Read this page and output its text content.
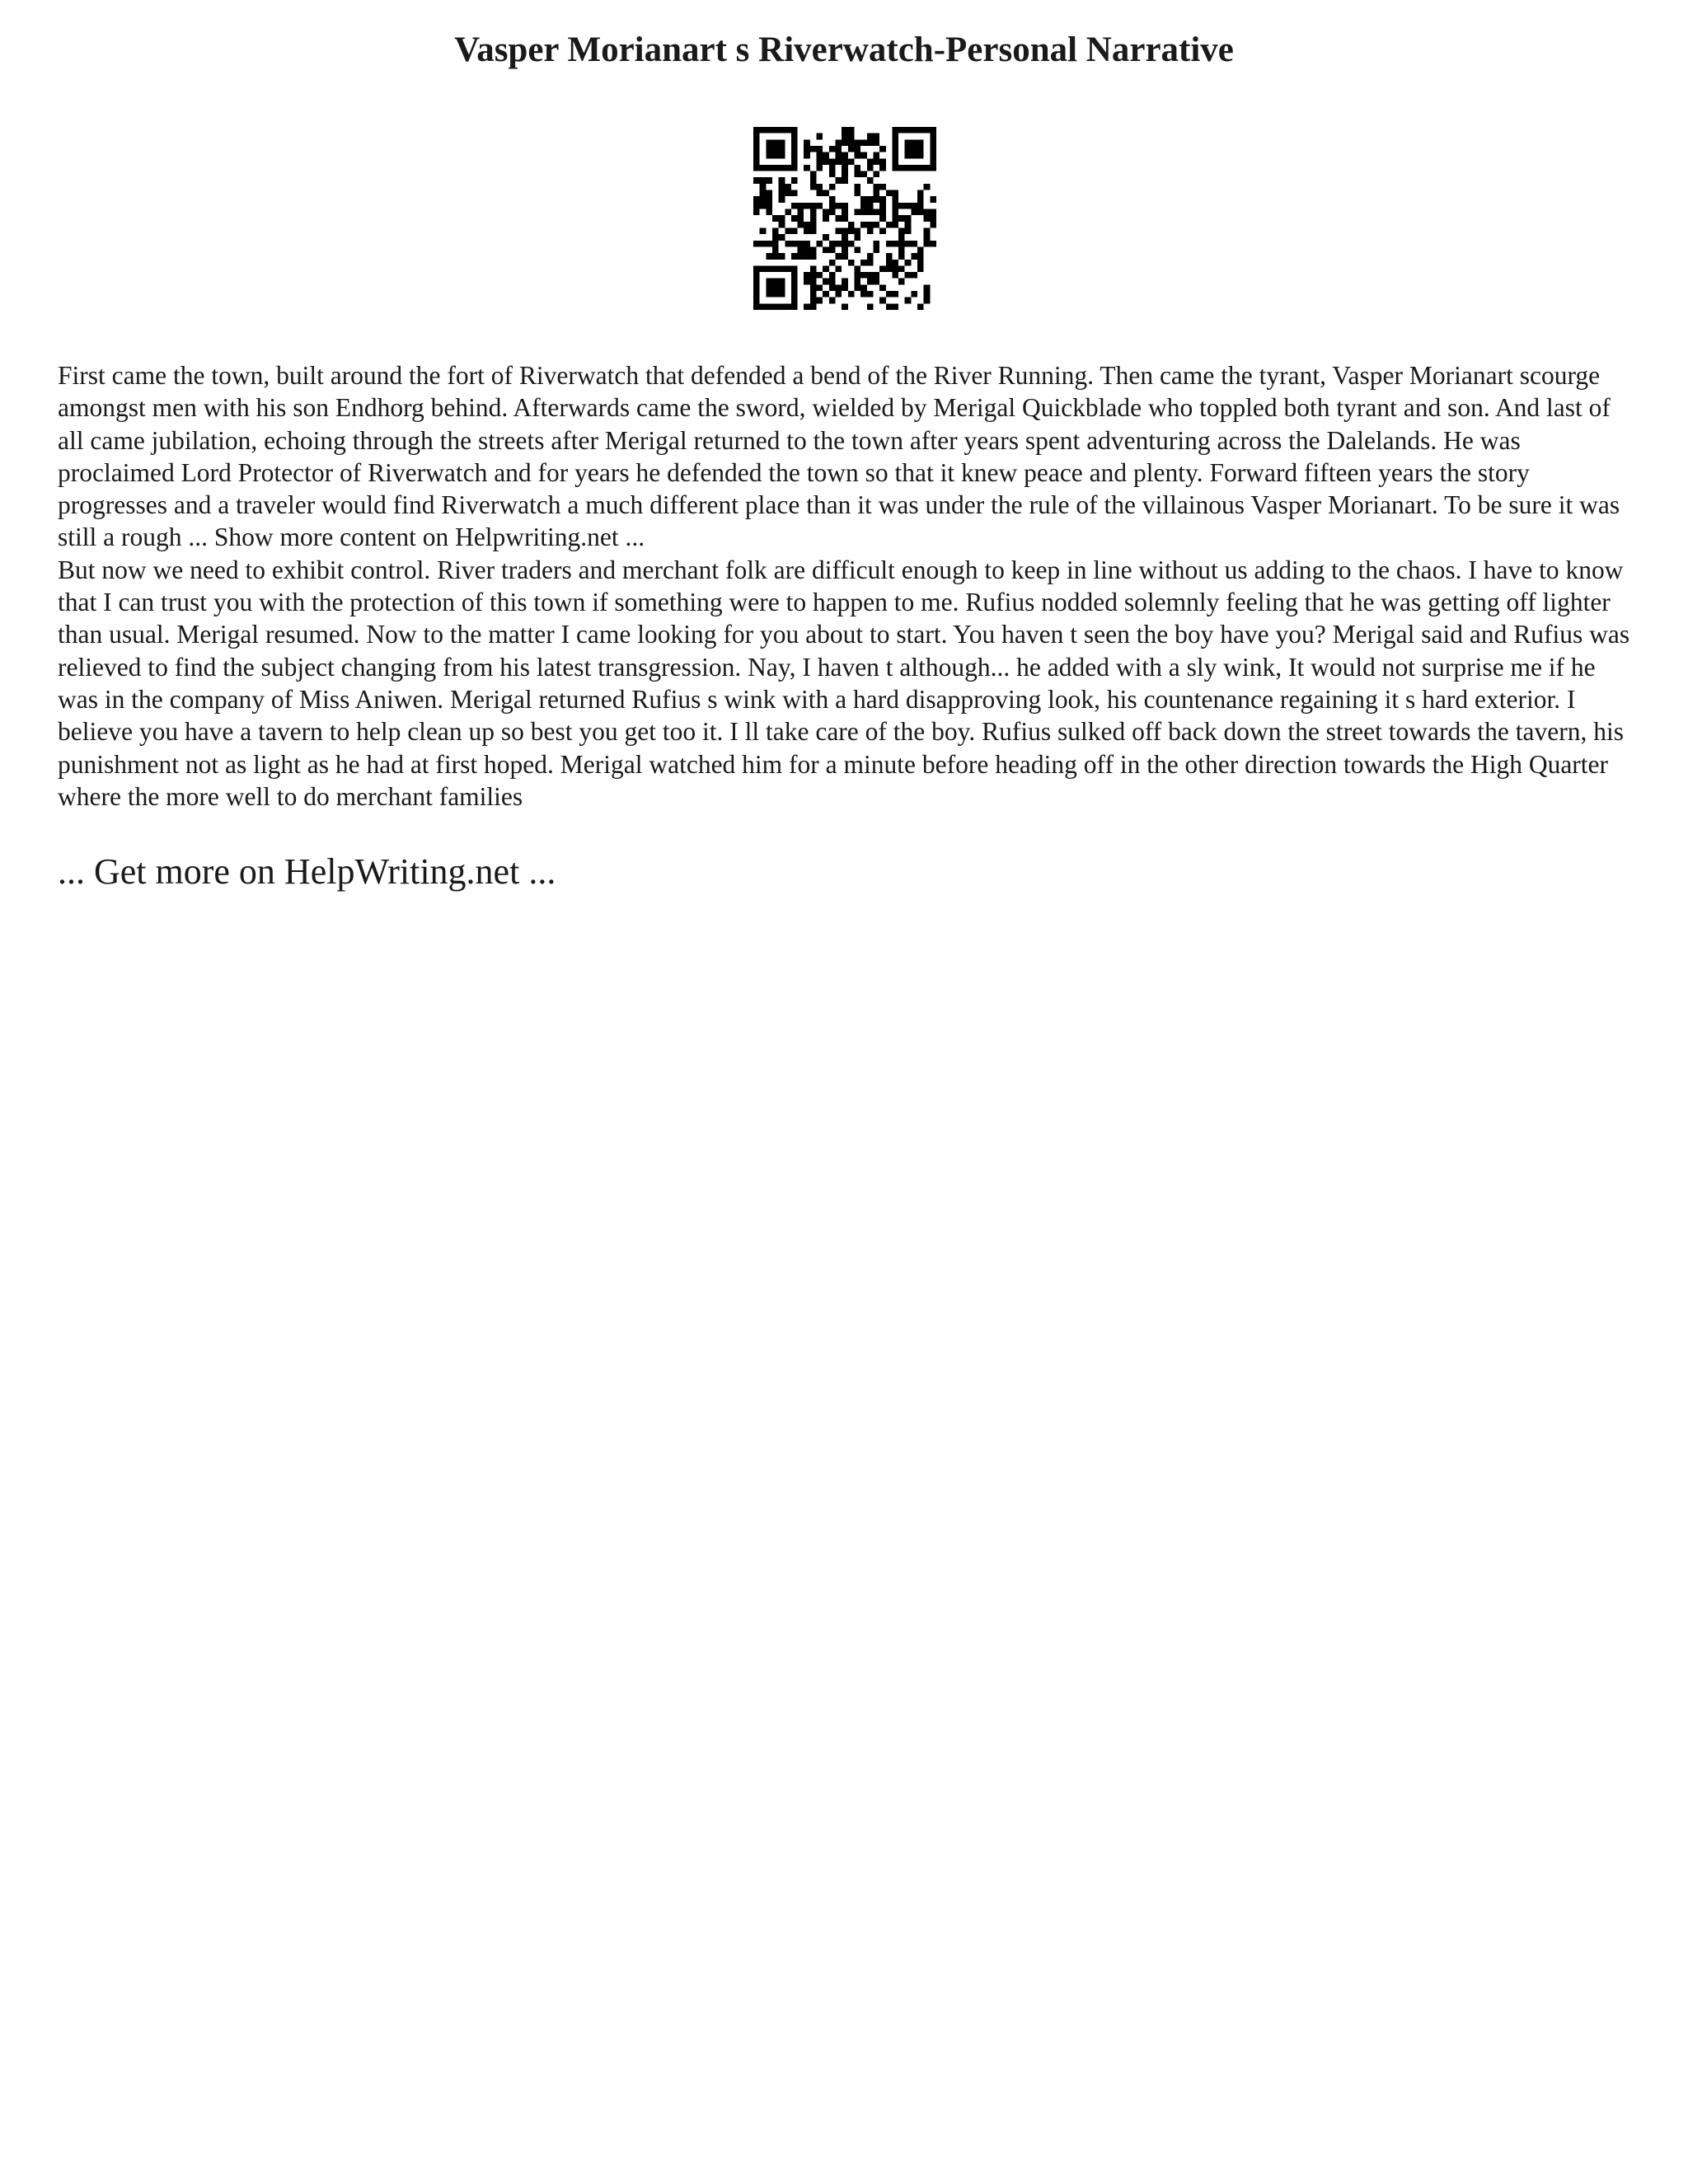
Vasper Morianart s Riverwatch-Personal Narrative

First came the town, built around the fort of Riverwatch that defended a bend of the River Running. Then came the tyrant, Vasper Morianart scourge amongst men with his son Endhorg behind. Afterwards came the sword, wielded by Merigal Quickblade who toppled both tyrant and son. And last of all came jubilation, echoing through the streets after Merigal returned to the town after years spent adventuring across the Dalelands. He was proclaimed Lord Protector of Riverwatch and for years he defended the town so that it knew peace and plenty. Forward fifteen years the story progresses and a traveler would find Riverwatch a much different place than it was under the rule of the villainous Vasper Morianart. To be sure it was still a rough ... Show more content on Helpwriting.net ...

But now we need to exhibit control. River traders and merchant folk are difficult enough to keep in line without us adding to the chaos. I have to know that I can trust you with the protection of this town if something were to happen to me. Rufius nodded solemnly feeling that he was getting off lighter than usual. Merigal resumed. Now to the matter I came looking for you about to start. You haven t seen the boy have you? Merigal said and Rufius was relieved to find the subject changing from his latest transgression. Nay, I haven t although... he added with a sly wink, It would not surprise me if he was in the company of Miss Aniwen. Merigal returned Rufius s wink with a hard disapproving look, his countenance regaining it s hard exterior. I believe you have a tavern to help clean up so best you get too it. I ll take care of the boy. Rufius sulked off back down the street towards the tavern, his punishment not as light as he had at first hoped. Merigal watched him for a minute before heading off in the other direction towards the High Quarter where the more well to do merchant families

... Get more on HelpWriting.net ...
